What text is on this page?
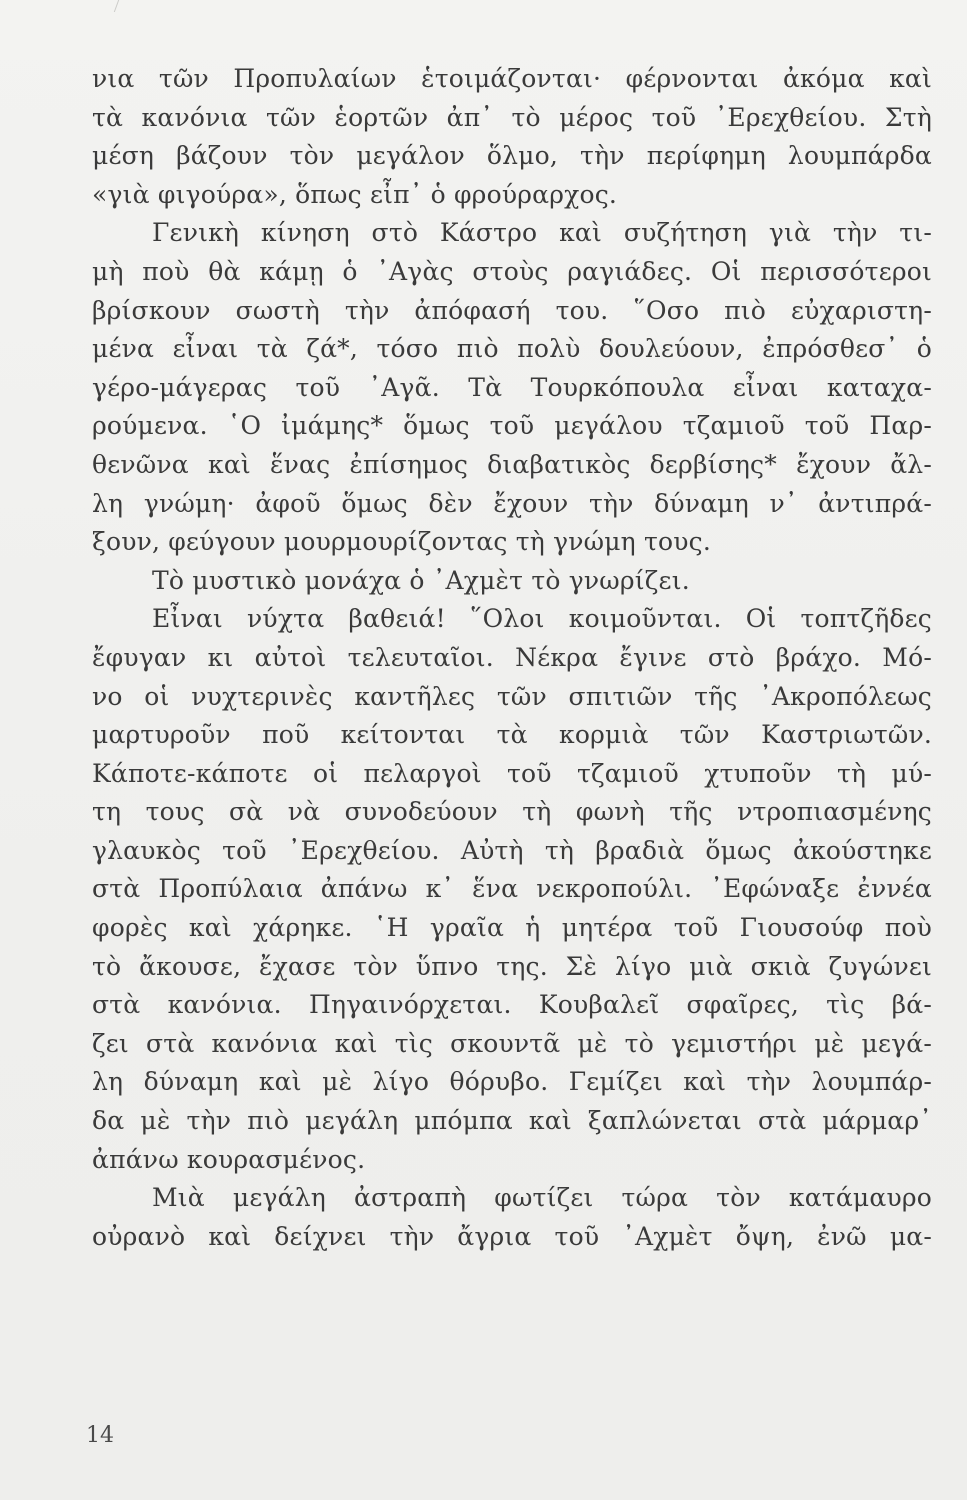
νια τῶν Προπυλαίων ἑτοιμάζονται· φέρνονται ἀκόμα καὶ
τὰ κανόνια τῶν ἑορτῶν ἀπ᾽ τὸ μέρος τοῦ ᾽Ερεχθείου. Στὴ
μέση βάζουν τὸν μεγάλον ὅλμο, τὴν περίφημη λουμπάρδα
«γιὰ φιγούρα», ὅπως εἶπ᾽ ὁ φρούραρχος.
Γενικὴ κίνηση στὸ Κάστρο καὶ συζήτηση γιὰ τὴν τι-
μὴ ποὺ θὰ κάμῃ ὁ ᾽Αγὰς στοὺς ραγιάδες. Οἱ περισσότεροι
βρίσκουν σωστὴ τὴν ἀπόφασή του. ῞Οσο πιὸ εὐχαριστη-
μένα εἶναι τὰ ζά*, τόσο πιὸ πολὺ δουλεύουν, ἐπρόσθεσ᾽ ὁ
γέρο-μάγερας τοῦ ᾽Αγᾶ. Τὰ Τουρκόπουλα εἶναι καταχα-
ρούμενα. ῾Ο ἰμάμης* ὅμως τοῦ μεγάλου τζαμιοῦ τοῦ Παρ-
θενῶνα καὶ ἕνας ἐπίσημος διαβατικὸς δερβίσης* ἔχουν ἄλ-
λη γνώμη· ἀφοῦ ὅμως δὲν ἔχουν τὴν δύναμη ν᾽ ἀντιπρά-
ξουν, φεύγουν μουρμουρίζοντας τὴ γνώμη τους.
Τὸ μυστικὸ μονάχα ὁ ᾽Αχμὲτ τὸ γνωρίζει.
Εἶναι νύχτα βαθειά! ῞Ολοι κοιμοῦνται. Οἱ τοπτζῆδες
ἔφυγαν κι αὐτοὶ τελευταῖοι. Νέκρα ἔγινε στὸ βράχο. Μό-
νο οἱ νυχτερινὲς καντῆλες τῶν σπιτιῶν τῆς ᾽Ακροπόλεως
μαρτυροῦν ποῦ κείτονται τὰ κορμιὰ τῶν Καστριωτῶν.
Κάποτε-κάποτε οἱ πελαργοὶ τοῦ τζαμιοῦ χτυποῦν τὴ μύ-
τη τους σὰ νὰ συνοδεύουν τὴ φωνὴ τῆς ντροπιασμένης
γλαυκὸς τοῦ ᾽Ερεχθείου. Αὐτὴ τὴ βραδιὰ ὅμως ἀκούστηκε
στὰ Προπύλαια ἀπάνω κ᾽ ἕνα νεκροπούλι. ᾽Εφώναξε ἐννέα
φορὲς καὶ χάρηκε. ῾Η γραῖα ἡ μητέρα τοῦ Γιουσούφ ποὺ
τὸ ἄκουσε, ἔχασε τὸν ὕπνο της. Σὲ λίγο μιὰ σκιὰ ζυγώνει
στὰ κανόνια. Πηγαινόρχεται. Κουβαλεῖ σφαῖρες, τὶς βά-
ζει στὰ κανόνια καὶ τὶς σκουντᾶ μὲ τὸ γεμιστήρι μὲ μεγά-
λη δύναμη καὶ μὲ λίγο θόρυβο. Γεμίζει καὶ τὴν λουμπάρ-
δα μὲ τὴν πιὸ μεγάλη μπόμπα καὶ ξαπλώνεται στὰ μάρμαρ᾽
ἀπάνω κουρασμένος.
Μιὰ μεγάλη ἀστραπὴ φωτίζει τώρα τὸν κατάμαυρο
οὐρανὸ καὶ δείχνει τὴν ἄγρια τοῦ ᾽Αχμὲτ ὄψη, ἐνῶ μα-
14
